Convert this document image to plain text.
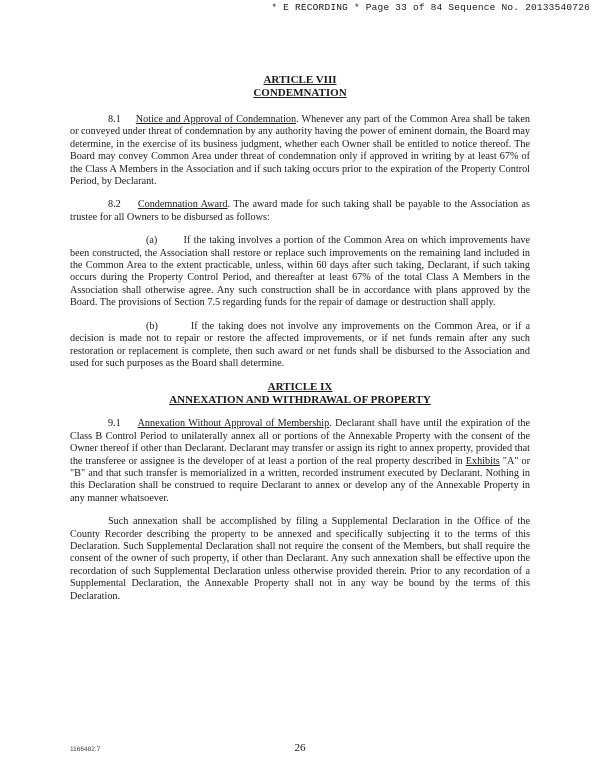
* E RECORDING * Page 33 of 84 Sequence No. 20133540726
ARTICLE VIII
CONDEMNATION

8.1 Notice and Approval of Condemnation. Whenever any part of the Common Area shall be taken or conveyed under threat of condemnation by any authority having the power of eminent domain, the Board may determine, in the exercise of its business judgment, whether each Owner shall be entitled to notice thereof. The Board may convey Common Area under threat of condemnation only if approved in writing by at least 67% of the Class A Members in the Association and if such taking occurs prior to the expiration of the Property Control Period, by Declarant.

8.2 Condemnation Award. The award made for such taking shall be payable to the Association as trustee for all Owners to be disbursed as follows:

(a)	If the taking involves a portion of the Common Area on which improvements have been constructed, the Association shall restore or replace such improvements on the remaining land included in the Common Area to the extent practicable, unless, within 60 days after such taking, Declarant, if such taking occurs during the Property Control Period, and thereafter at least 67% of the total Class A Members in the Association shall otherwise agree. Any such construction shall be in accordance with plans approved by the Board. The provisions of Section 7.5 regarding funds for the repair of damage or destruction shall apply.

(b)	If the taking does not involve any improvements on the Common Area, or if a decision is made not to repair or restore the affected improvements, or if net funds remain after any such restoration or replacement is complete, then such award or net funds shall be disbursed to the Association and used for such purposes as the Board shall determine.

ARTICLE IX
ANNEXATION AND WITHDRAWAL OF PROPERTY

9.1 Annexation Without Approval of Membership. Declarant shall have until the expiration of the Class B Control Period to unilaterally annex all or portions of the Annexable Property with the consent of the Owner thereof if other than Declarant. Declarant may transfer or assign its right to annex property, provided that the transferee or assignee is the developer of at least a portion of the real property described in Exhibits "A" or "B" and that such transfer is memorialized in a written, recorded instrument executed by Declarant. Nothing in this Declaration shall be construed to require Declarant to annex or develop any of the Annexable Property in any manner whatsoever.

Such annexation shall be accomplished by filing a Supplemental Declaration in the Office of the County Recorder describing the property to be annexed and specifically subjecting it to the terms of this Declaration. Such Supplemental Declaration shall not require the consent of the Members, but shall require the consent of the owner of such property, if other than Declarant. Any such annexation shall be effective upon the recordation of such Supplemental Declaration unless otherwise provided therein. Prior to any recordation of a Supplemental Declaration, the Annexable Property shall not in any way be bound by the terms of this Declaration.

1166482.7	26
